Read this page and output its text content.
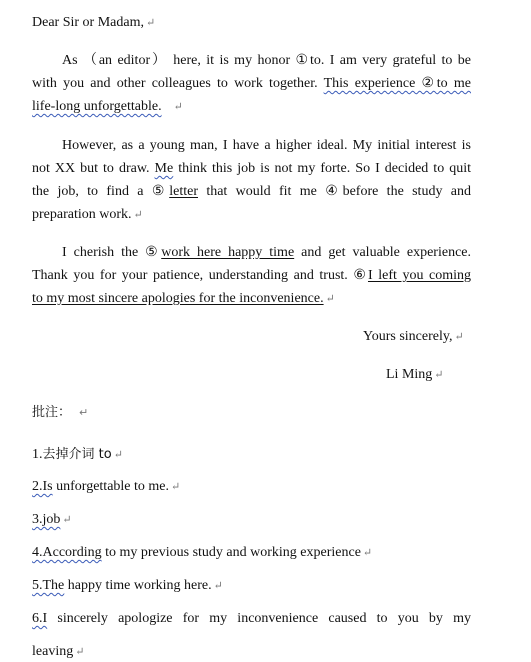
Dear Sir or Madam, ↵
As （an editor） here, it is my honor ①to. I am very grateful to be
with you and other colleagues to work together. This experience ②to me
life-long unforgettable. ↵
However, as a young man, I have a higher ideal. My initial interest is
not XX but to draw. Me think this job is not my forte. So I decided to quit
the job, to find a ⑤letter that would fit me ④before the study and
preparation work. ↵
I cherish the ⑤work here happy time and get valuable experience.
Thank you for your patience, understanding and trust. ⑥I left you coming
to my most sincere apologies for the inconvenience. ↵
Yours sincerely, ↵
Li Ming ↵
批注： ↵
1.去掉介词 to ↵
2.Is unforgettable to me. ↵
3.job ↵
4.According to my previous study and working experience ↵
5.The happy time working here. ↵
6.I sincerely apologize for my inconvenience caused to you by my
leaving ↵
